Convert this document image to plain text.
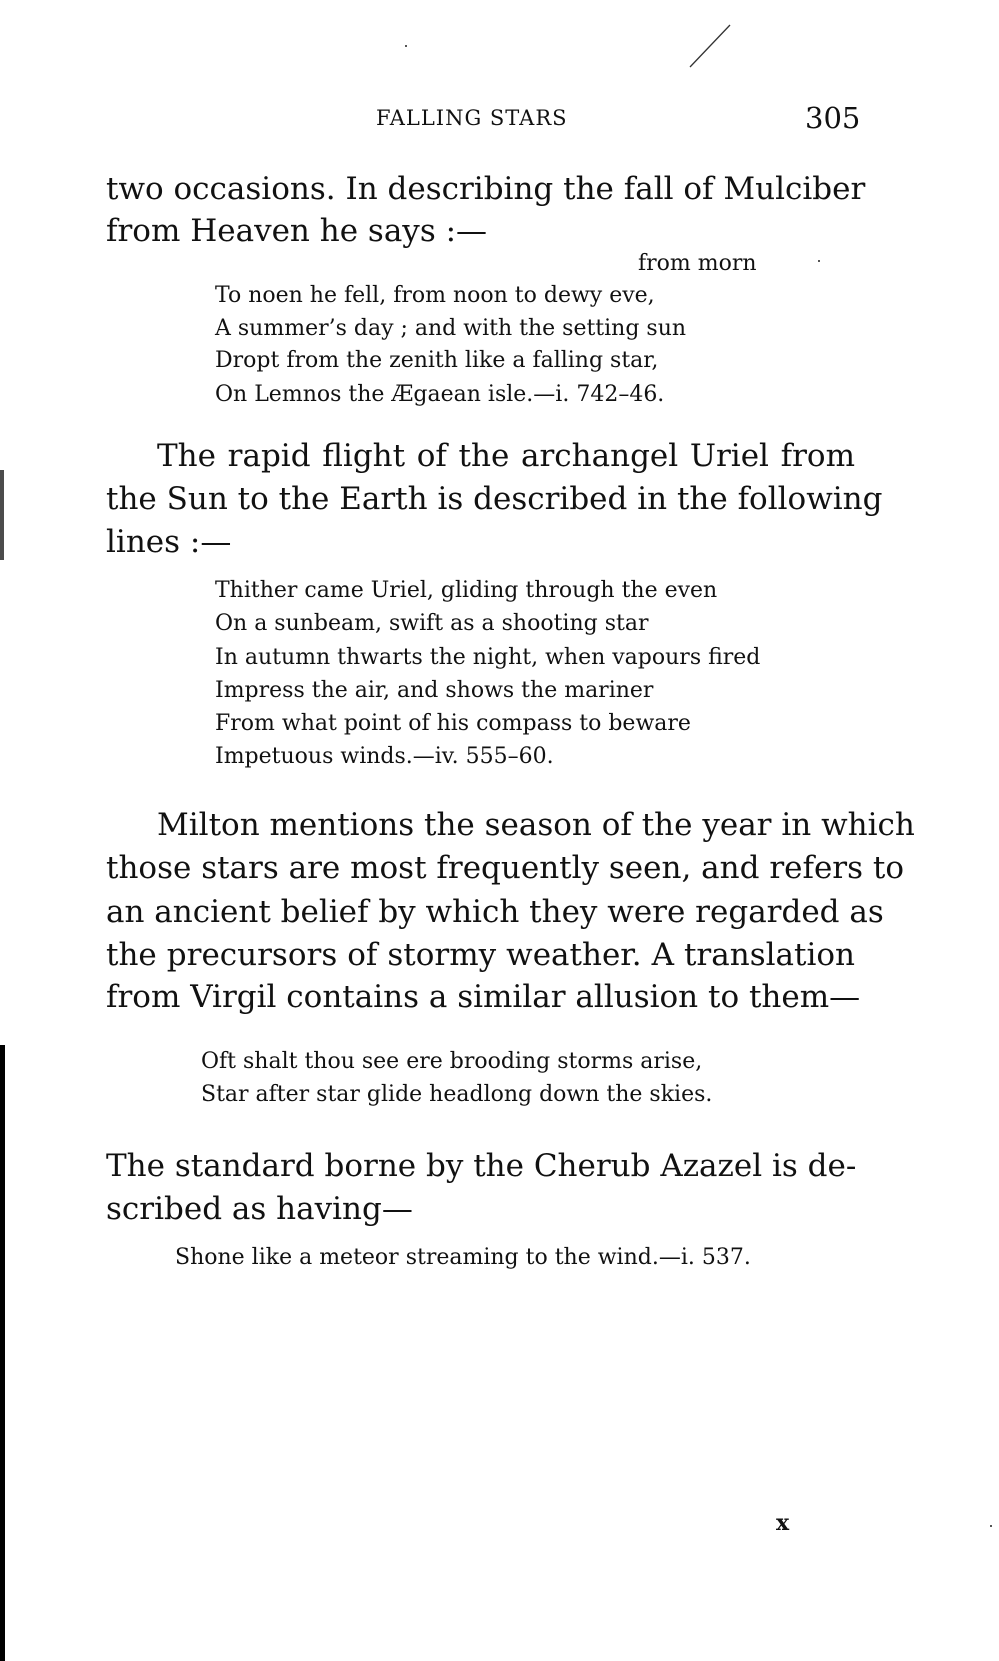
FALLING STARS	305
two occasions. In describing the fall of Mulciber
from Heaven he says :—
from morn
To noen he fell, from noon to dewy eve,
A summer’s day ; and with the setting sun
Dropt from the zenith like a falling star,
On Lemnos the Ægaean isle.—i. 742–46.
The rapid flight of the archangel Uriel from
the Sun to the Earth is described in the following
lines :—
Thither came Uriel, gliding through the even
On a sunbeam, swift as a shooting star
In autumn thwarts the night, when vapours fired
Impress the air, and shows the mariner
From what point of his compass to beware
Impetuous winds.—iv. 555–60.
Milton mentions the season of the year in which
those stars are most frequently seen, and refers to
an ancient belief by which they were regarded as
the precursors of stormy weather. A translation
from Virgil contains a similar allusion to them—
Oft shalt thou see ere brooding storms arise,
Star after star glide headlong down the skies.
The standard borne by the Cherub Azazel is de-
scribed as having—
Shone like a meteor streaming to the wind.—i. 537.
x
